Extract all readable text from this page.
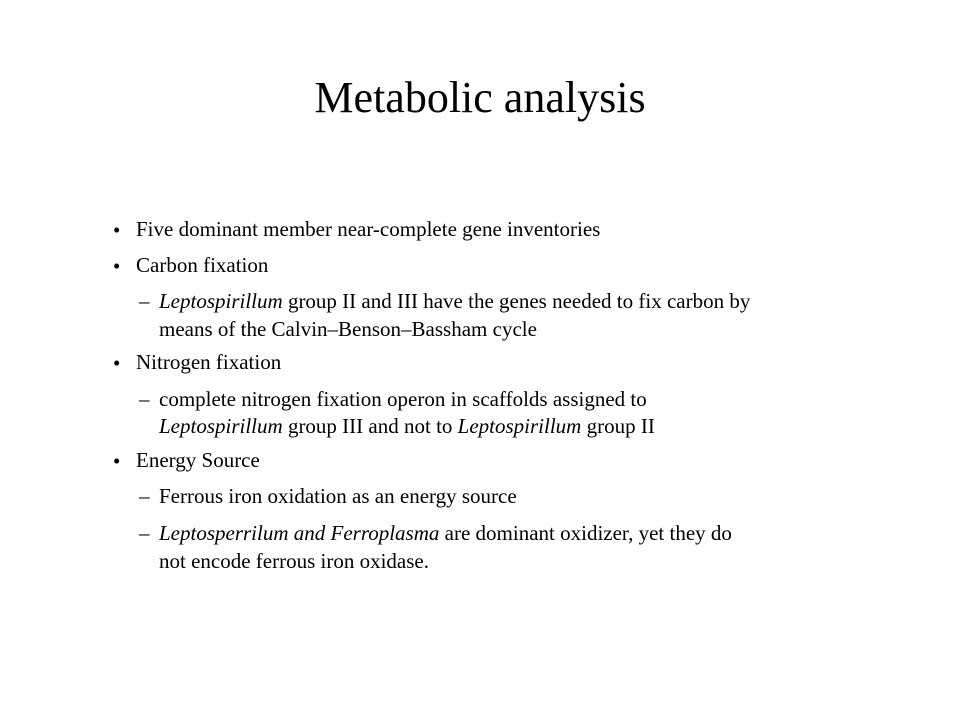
Metabolic analysis
• Five dominant member near-complete gene inventories
• Carbon fixation
– Leptospirillum group II and III have the genes needed to fix carbon by
means of the Calvin–Benson–Bassham cycle
• Nitrogen fixation
– complete nitrogen fixation operon in scaffolds assigned to
Leptospirillum group III and not to Leptospirillum group II
• Energy Source
– Ferrous iron oxidation as an energy source
– Leptosperrilum and Ferroplasma are dominant oxidizer, yet they do
not encode ferrous iron oxidase.
